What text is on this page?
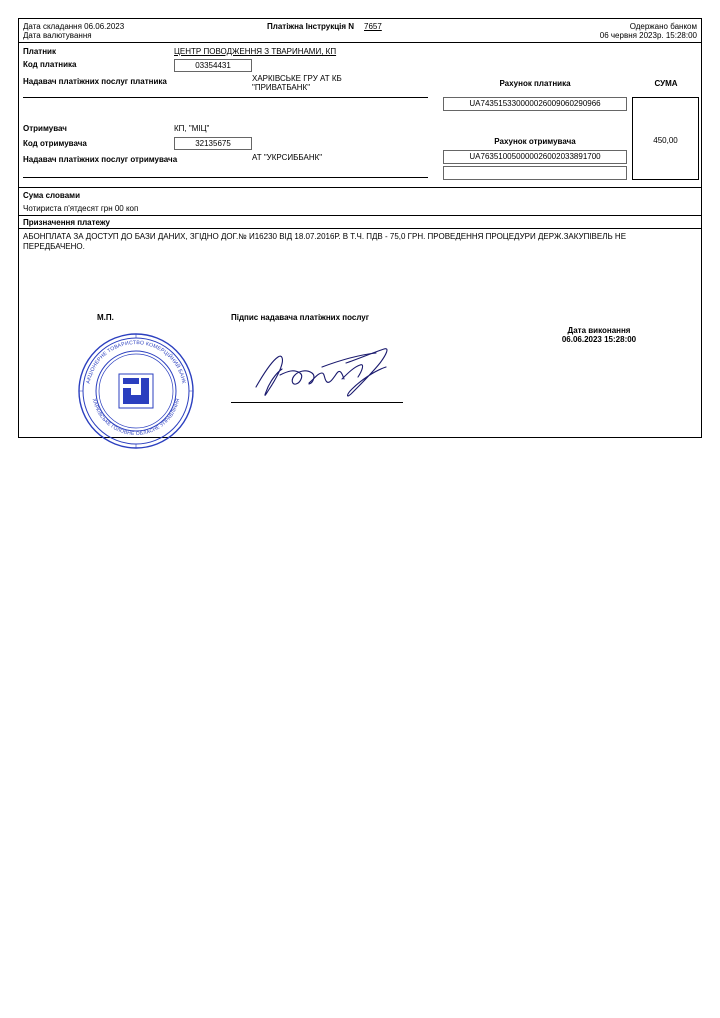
Дата складання 06.06.2023
Дата валютування
Платіжна Інструкція N 7657	Одержано банком
06 червня 2023р. 15:28:00
Платник	ЦЕНТР ПОВОДЖЕННЯ З ТВАРИНАМИ, КП
Код платника	03354431
Надавач платіжних послуг платника	ХАРКІВСЬКЕ ГРУ АТ КБ
"ПРИВАТБАНК"	Рахунок платника	СУМА
UA743515330000026009060290966
Отримувач	КП, "МІЦ"
Код отримувача	32135675
Надавач платіжних послуг отримувача	АТ "УКРСИББАНК"
Рахунок отримувача
UA763510050000026002033891700
450,00
Сума словами
Чотириста п'ятдесят грн 00 коп
Призначення платежу
АБОНПЛАТА ЗА ДОСТУП ДО БАЗИ ДАНИХ, ЗГІДНО ДОГ.№ И16230 ВІД 18.07.2016Р. В Т.Ч. ПДВ - 75,0 ГРН. ПРОВЕДЕННЯ ПРОЦЕДУРИ ДЕРЖ.ЗАКУПІВЕЛЬ НЕ ПЕРЕДБАЧЕНО.
М.П.	Підпис надавача платіжних послуг
Дата виконання
06.06.2023 15:28:00
АКЦІОНЕРНЕ ТОВАРИСТВО КОМЕРЦІЙНИЙ БАНК
ХАРКІВСЬКЕ ГОЛОВНЕ ОБЛАСНЕ УПРАВЛІННЯ
